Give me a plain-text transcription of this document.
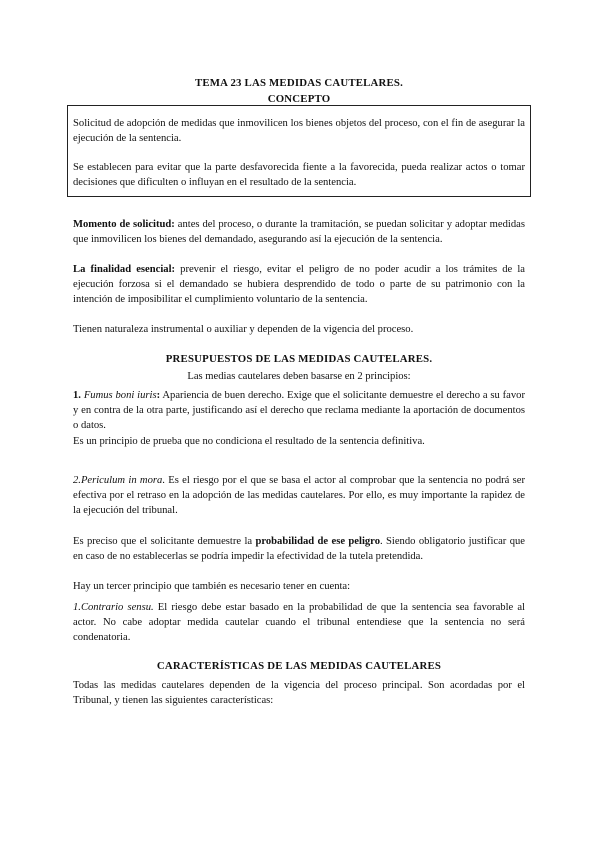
TEMA 23 LAS MEDIDAS CAUTELARES.

CONCEPTO

Solicitud de adopción de medidas que inmovilicen los bienes objetos del proceso, con el fin de asegurar la ejecución de la sentencia.

Se establecen para evitar que la parte desfavorecida fiente a la favorecida, pueda realizar actos o tomar decisiones que dificulten o influyan en el resultado de la sentencia.

Momento de solicitud: antes del proceso, o durante la tramitación, se puedan solicitar y adoptar medidas que inmovilicen los bienes del demandado, asegurando así la ejecución de la sentencia.

La finalidad esencial: prevenir el riesgo, evitar el peligro de no poder acudir a los trámites de la ejecución forzosa si el demandado se hubiera desprendido de todo o parte de su patrimonio con la intención de imposibilitar el cumplimiento voluntario de la sentencia.

Tienen naturaleza instrumental o auxiliar y dependen de la vigencia del proceso.

PRESUPUESTOS DE LAS MEDIDAS CAUTELARES.

Las medias cautelares deben basarse en 2 principios:

1. Fumus boni iuris: Apariencia de buen derecho. Exige que el solicitante demuestre el derecho a su favor y en contra de la otra parte, justificando así el derecho que reclama mediante la aportación de documentos o datos.

Es un principio de prueba que no condiciona el resultado de la sentencia definitiva.

2.Periculum in mora. Es el riesgo por el que se basa el actor al comprobar que la sentencia no podrá ser efectiva por el retraso en la adopción de las medidas cautelares. Por ello, es muy importante la rapidez de la ejecución del tribunal.

Es preciso que el solicitante demuestre la probabilidad de ese peligro. Siendo obligatorio justificar que en caso de no establecerlas se podría impedir la efectividad de la tutela pretendida.

Hay un tercer principio que también es necesario tener en cuenta:

1.Contrario sensu. El riesgo debe estar basado en la probabilidad de que la sentencia sea favorable al actor. No cabe adoptar medida cautelar cuando el tribunal entendiese que la sentencia no será condenatoria.

CARACTERÍSTICAS DE LAS MEDIDAS CAUTELARES

Todas las medidas cautelares dependen de la vigencia del proceso principal. Son acordadas por el Tribunal, y tienen las siguientes características:
